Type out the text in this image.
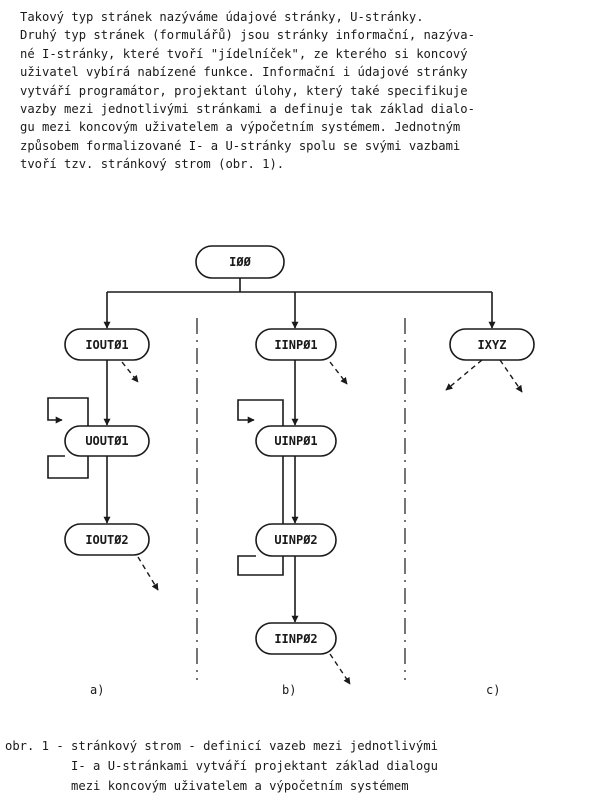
Takový typ stránek nazýváme údajové stránky, U-stránky.
Druhý typ stránek (formulářů) jsou stránky informační, nazýva-
né I-stránky, které tvoří "jídelníček", ze kterého si koncový
uživatel vybírá nabízené funkce. Informační i údajové stránky
vytváří programátor, projektant úlohy, který také specifikuje
vazby mezi jednotlivými stránkami a definuje tak základ dialo-
gu mezi koncovým uživatelem a výpočetním systémem. Jednotným
způsobem formalizované I- a U-stránky spolu se svými vazbami
tvoří tzv. stránkový strom (obr. 1).
IØØ
IOUTØ1
UOUTØ1
IOUTØ2
IINPØ1
UINPØ1
UINPØ2
IINPØ2
IXYZ
a)	b)	c)
obr. 1 - stránkový strom - definicí vazeb mezi jednotlivými
I- a U-stránkami vytváří projektant základ dialogu
mezi koncovým uživatelem a výpočetním systémem
